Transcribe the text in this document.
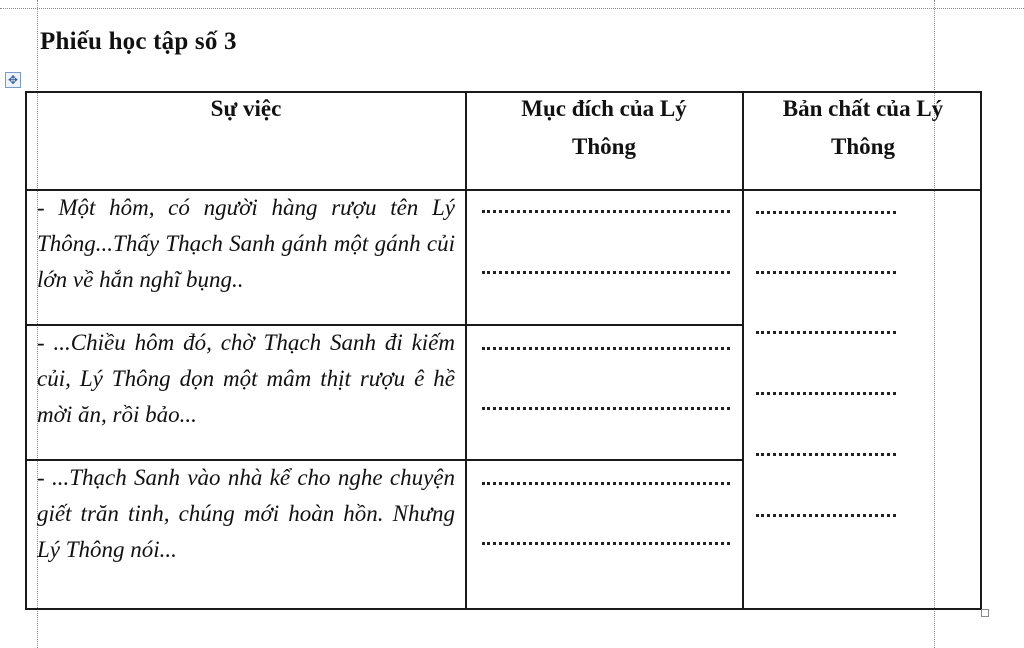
Phiếu học tập số 3
✥
Sự việc	Mục đích của Lý Thông
Bản chất của Lý Thông
- Một hôm, có người hàng rượu tên Lý Thông...Thấy Thạch Sanh gánh một gánh củi lớn về hắn nghĩ bụng..
- ...Chiều hôm đó, chờ Thạch Sanh đi kiếm củi, Lý Thông dọn một mâm thịt rượu ê hề mời ăn, rồi bảo...
- ...Thạch Sanh vào nhà kể cho nghe chuyện giết trăn tinh, chúng mới hoàn hồn. Nhưng Lý Thông nói...
